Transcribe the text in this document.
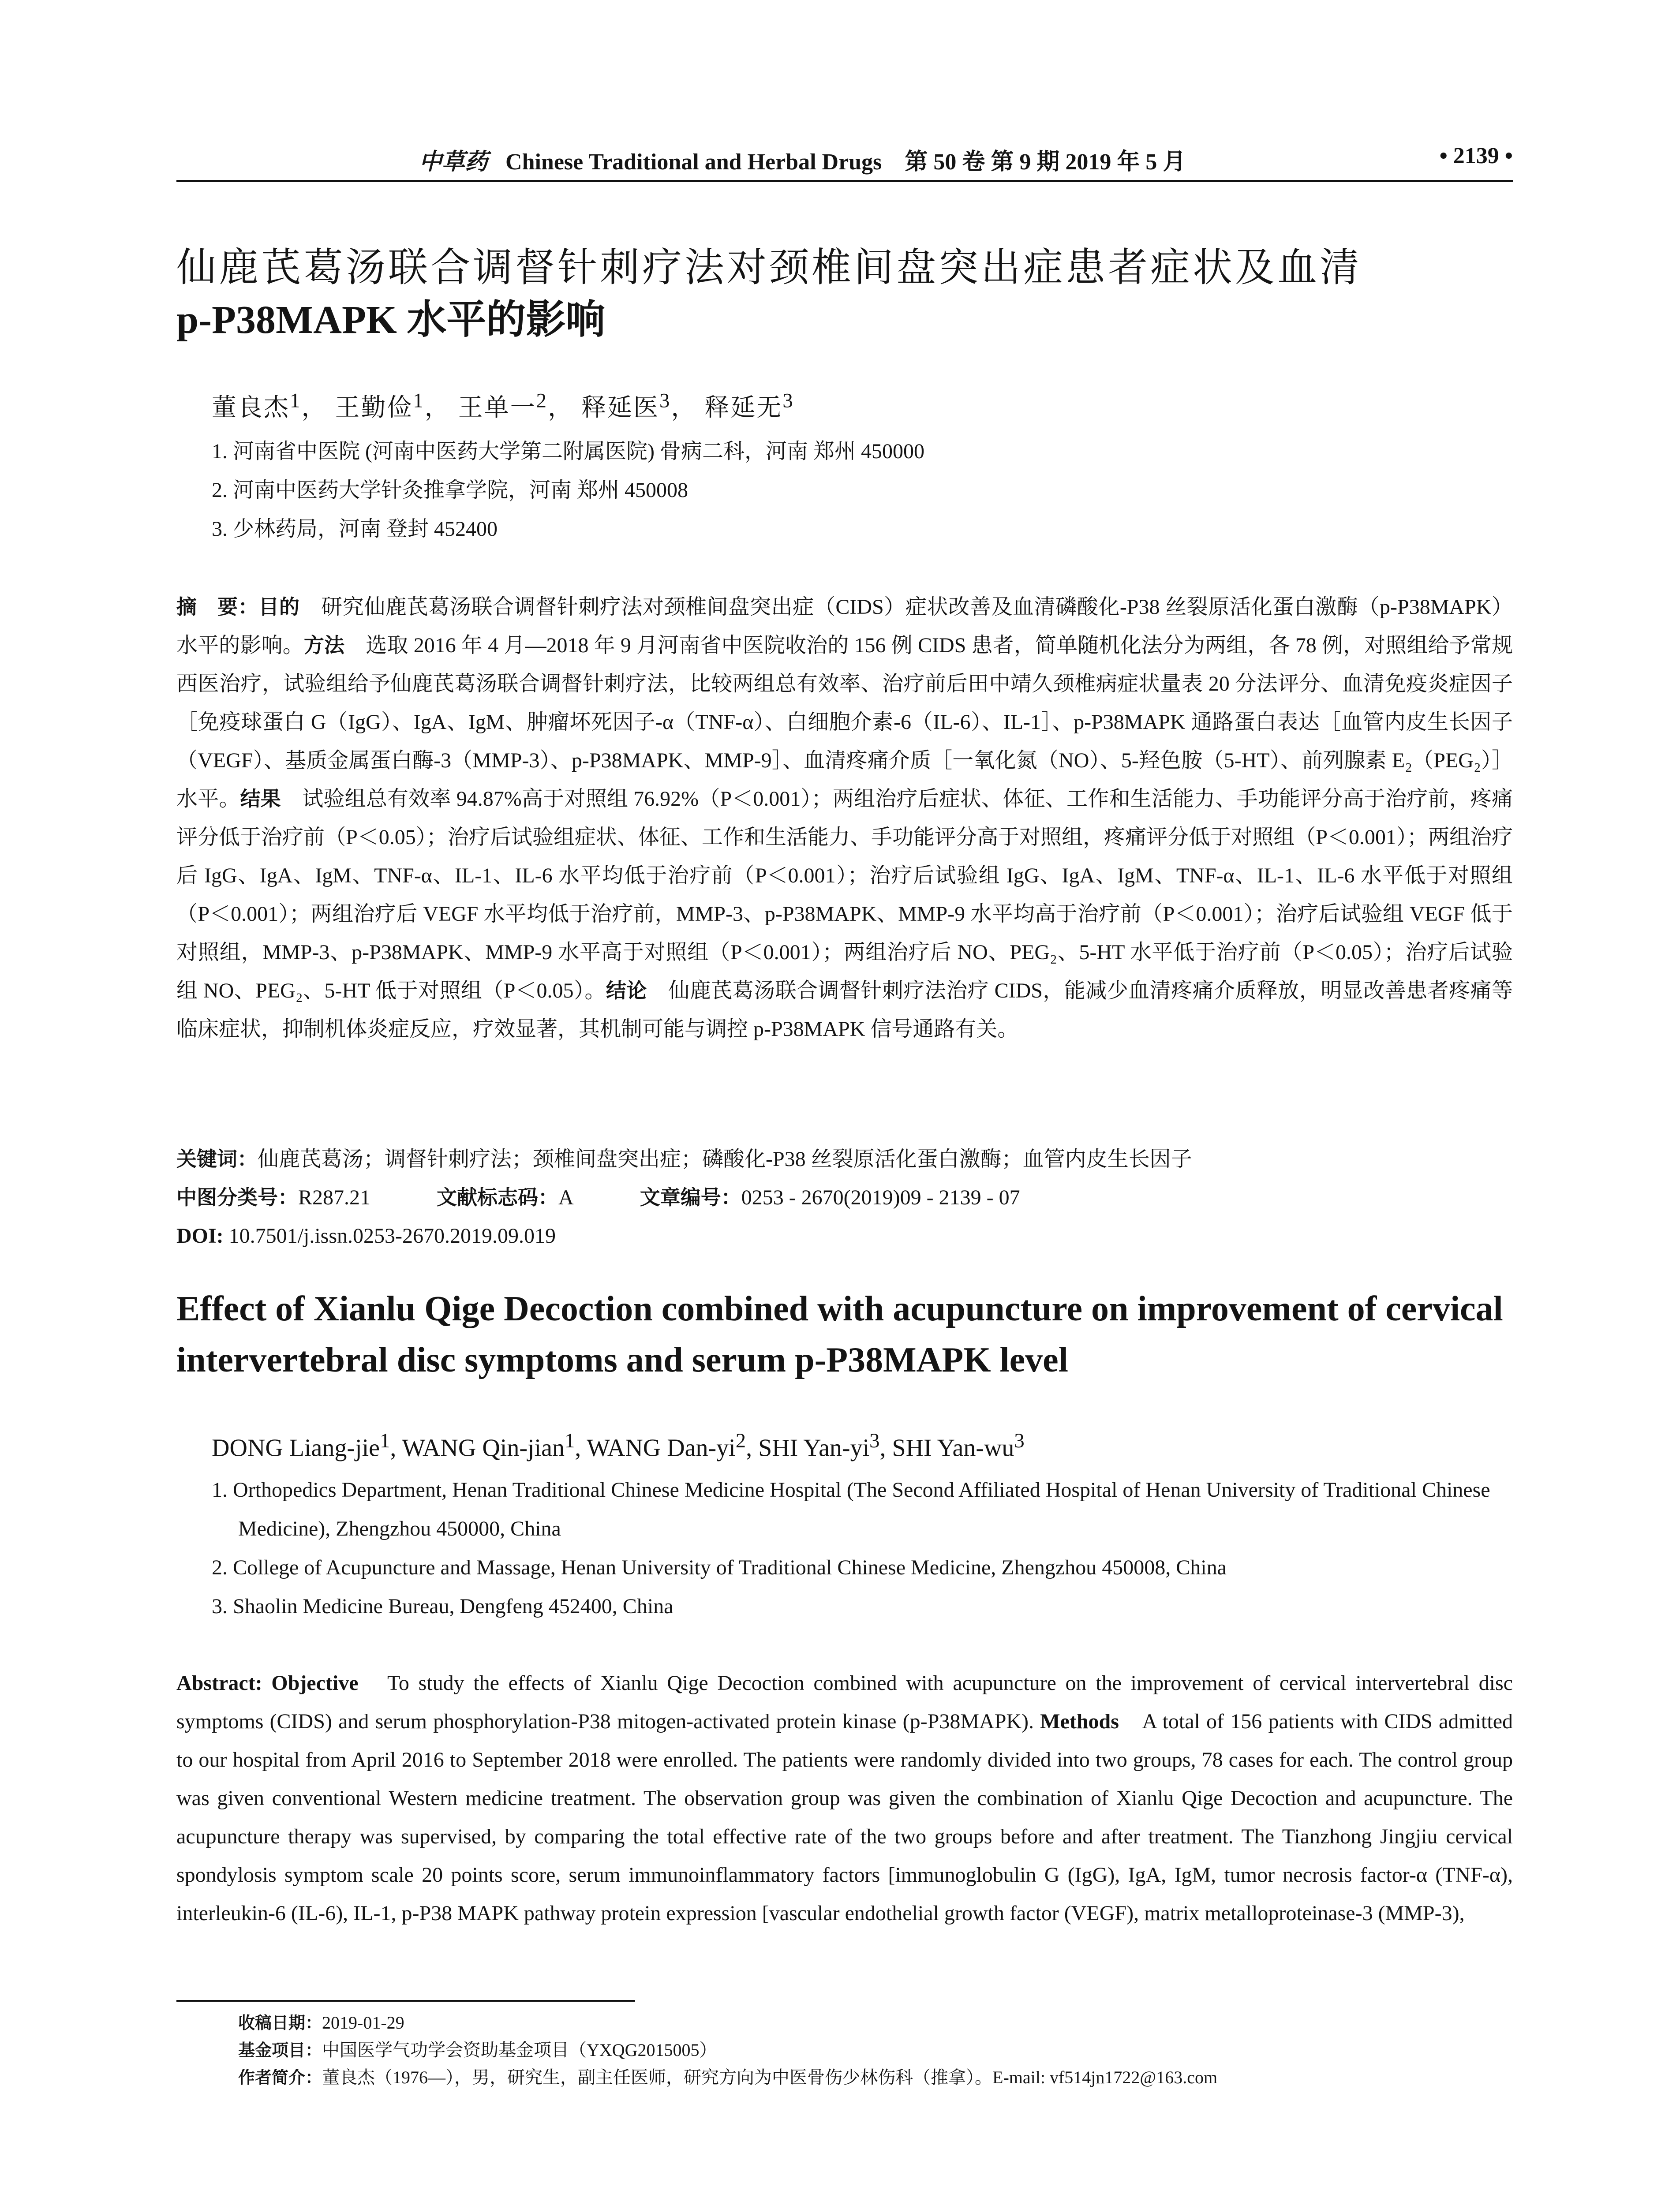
中草药 Chinese Traditional and Herbal Drugs　第 50 卷 第 9 期 2019 年 5 月	• 2139 •
仙鹿芪葛汤联合调督针刺疗法对颈椎间盘突出症患者症状及血清
p-P38MAPK 水平的影响
董良杰$^1$， 王勤俭$^1$， 王单一$^2$， 释延医$^3$， 释延无$^3$
1. 河南省中医院 (河南中医药大学第二附属医院) 骨病二科，河南 郑州 450000
2. 河南中医药大学针灸推拿学院，河南 郑州 450008
3. 少林药局，河南 登封 452400

摘　要：目的　 研究仙鹿芪葛汤联合调督针刺疗法对颈椎间盘突出症（CIDS）症状改善及血清磷酸化-P38 丝裂原活化蛋白激酶（p-P38MAPK）水平的影响。方法　 选取 2016 年 4 月—2018 年 9 月河南省中医院收治的 156 例 CIDS 患者，简单随机化法分为两组，各 78 例，对照组给予常规西医治疗，试验组给予仙鹿芪葛汤联合调督针刺疗法，比较两组总有效率、治疗前后田中靖久颈椎病症状量表 20 分法评分、血清免疫炎症因子［免疫球蛋白 G（IgG）、IgA、IgM、肿瘤坏死因子-α（TNF-α）、白细胞介素-6（IL-6）、IL-1］、p-P38MAPK 通路蛋白表达［血管内皮生长因子（VEGF）、基质金属蛋白酶-3（MMP-3）、p-P38MAPK、MMP-9］、血清疼痛介质［一氧化氮（NO）、5-羟色胺（5-HT）、前列腺素 E₂（PEG₂）］水平。结果　 试验组总有效率 94.87%高于对照组 76.92%（P＜0.001）；两组治疗后症状、体征、工作和生活能力、手功能评分高于治疗前，疼痛评分低于治疗前（P＜0.05）；治疗后试验组症状、体征、工作和生活能力、手功能评分高于对照组，疼痛评分低于对照组（P＜0.001）；两组治疗后 IgG、IgA、IgM、TNF-α、IL-1、IL-6 水平均低于治疗前（P＜0.001）；治疗后试验组 IgG、IgA、IgM、TNF-α、IL-1、IL-6 水平低于对照组（P＜0.001）；两组治疗后 VEGF 水平均低于治疗前，MMP-3、p-P38MAPK、MMP-9 水平均高于治疗前（P＜0.001）；治疗后试验组 VEGF 低于对照组，MMP-3、p-P38MAPK、MMP-9 水平高于对照组（P＜0.001）；两组治疗后 NO、PEG₂、5-HT 水平低于治疗前（P＜0.05）；治疗后试验组 NO、PEG₂、5-HT 低于对照组（P＜0.05）。结论　 仙鹿芪葛汤联合调督针刺疗法治疗 CIDS，能减少血清疼痛介质释放，明显改善患者疼痛等临床症状，抑制机体炎症反应，疗效显著，其机制可能与调控 p-P38MAPK 信号通路有关。

关键词：仙鹿芪葛汤；调督针刺疗法；颈椎间盘突出症；磷酸化-P38 丝裂原活化蛋白激酶；血管内皮生长因子
中图分类号：R287.21	文献标志码：A	文章编号：0253 - 2670(2019)09 - 2139 - 07
DOI: 10.7501/j.issn.0253-2670.2019.09.019
Effect of Xianlu Qige Decoction combined with acupuncture on improvement of cervical intervertebral disc symptoms and serum p-P38MAPK level
DONG Liang-jie$^1$, WANG Qin-jian$^1$, WANG Dan-$yi^2$, SHI Yan-$yi^3$, SHI Yan-$wu^3$
1. Orthopedics Department, Henan Traditional Chinese Medicine Hospital (The Second Affiliated Hospital of Henan University of Traditional Chinese Medicine), Zhengzhou 450000, China
2. College of Acupuncture and Massage, Henan University of Traditional Chinese Medicine, Zhengzhou 450008, China
3. Shaolin Medicine Bureau, Dengfeng 452400, China

Abstract: Objective　 To study the effects of Xianlu Qige Decoction combined with acupuncture on the improvement of cervical intervertebral disc symptoms (CIDS) and serum phosphorylation-P38 mitogen-activated protein kinase (p-P38MAPK). Methods　 A total of 156 patients with CIDS admitted to our hospital from April 2016 to September 2018 were enrolled. The patients were randomly divided into two groups, 78 cases for each. The control group was given conventional Western medicine treatment. The observation group was given the combination of Xianlu Qige Decoction and acupuncture. The acupuncture therapy was supervised, by comparing the total effective rate of the two groups before and after treatment. The Tianzhong Jingjiu cervical spondylosis symptom scale 20 points score, serum immunoinflammatory factors [immunoglobulin G (IgG), IgA, IgM, tumor necrosis factor-α (TNF-α), interleukin-6 (IL-6), IL-1, p-P38 MAPK pathway protein expression [vascular endothelial growth factor (VEGF), matrix metalloproteinase-3 (MMP-3),

收稿日期：2019-01-29
基金项目：中国医学气功学会资助基金项目（YXQG2015005）
作者简介：董良杰（1976—），男，研究生，副主任医师，研究方向为中医骨伤少林伤科（推拿）。E-mail: vf514jn1722@163.com
